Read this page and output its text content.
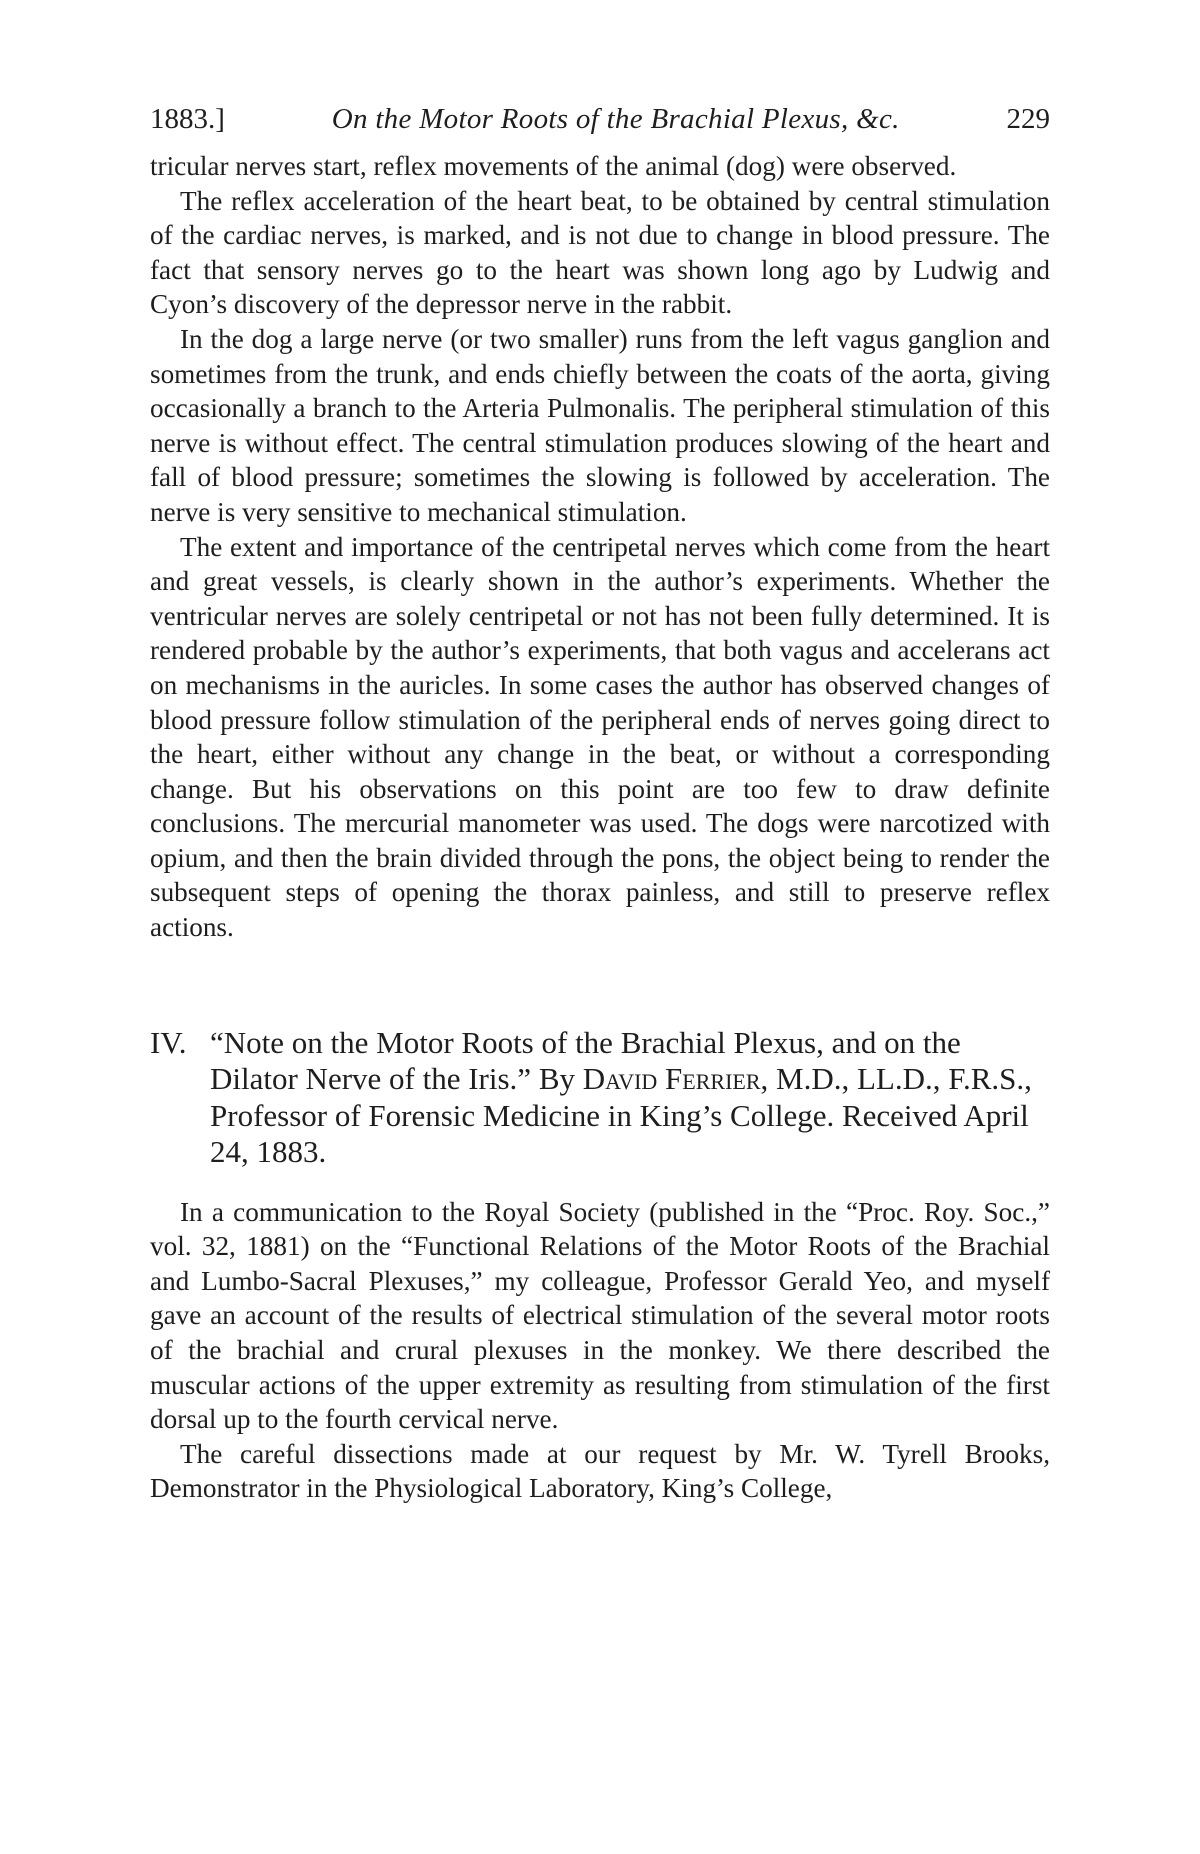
1883.]	On the Motor Roots of the Brachial Plexus, &c.	229

tricular nerves start, reflex movements of the animal (dog) were observed.

The reflex acceleration of the heart beat, to be obtained by central stimulation of the cardiac nerves, is marked, and is not due to change in blood pressure. The fact that sensory nerves go to the heart was shown long ago by Ludwig and Cyon’s discovery of the depressor nerve in the rabbit.

In the dog a large nerve (or two smaller) runs from the left vagus ganglion and sometimes from the trunk, and ends chiefly between the coats of the aorta, giving occasionally a branch to the Arteria Pulmonalis. The peripheral stimulation of this nerve is without effect. The central stimulation produces slowing of the heart and fall of blood pressure; sometimes the slowing is followed by acceleration. The nerve is very sensitive to mechanical stimulation.

The extent and importance of the centripetal nerves which come from the heart and great vessels, is clearly shown in the author’s experiments. Whether the ventricular nerves are solely centripetal or not has not been fully determined. It is rendered probable by the author’s experiments, that both vagus and accelerans act on mechanisms in the auricles. In some cases the author has observed changes of blood pressure follow stimulation of the peripheral ends of nerves going direct to the heart, either without any change in the beat, or without a corresponding change. But his observations on this point are too few to draw definite conclusions. The mercurial manometer was used. The dogs were narcotized with opium, and then the brain divided through the pons, the object being to render the subsequent steps of opening the thorax painless, and still to preserve reflex actions.

IV. “Note on the Motor Roots of the Brachial Plexus, and on the Dilator Nerve of the Iris.” By David Ferrier, M.D., LL.D., F.R.S., Professor of Forensic Medicine in King’s College. Received April 24, 1883.

In a communication to the Royal Society (published in the “Proc. Roy. Soc.,” vol. 32, 1881) on the “Functional Relations of the Motor Roots of the Brachial and Lumbo-Sacral Plexuses,” my colleague, Professor Gerald Yeo, and myself gave an account of the results of electrical stimulation of the several motor roots of the brachial and crural plexuses in the monkey. We there described the muscular actions of the upper extremity as resulting from stimulation of the first dorsal up to the fourth cervical nerve.

The careful dissections made at our request by Mr. W. Tyrell Brooks, Demonstrator in the Physiological Laboratory, King’s College,
